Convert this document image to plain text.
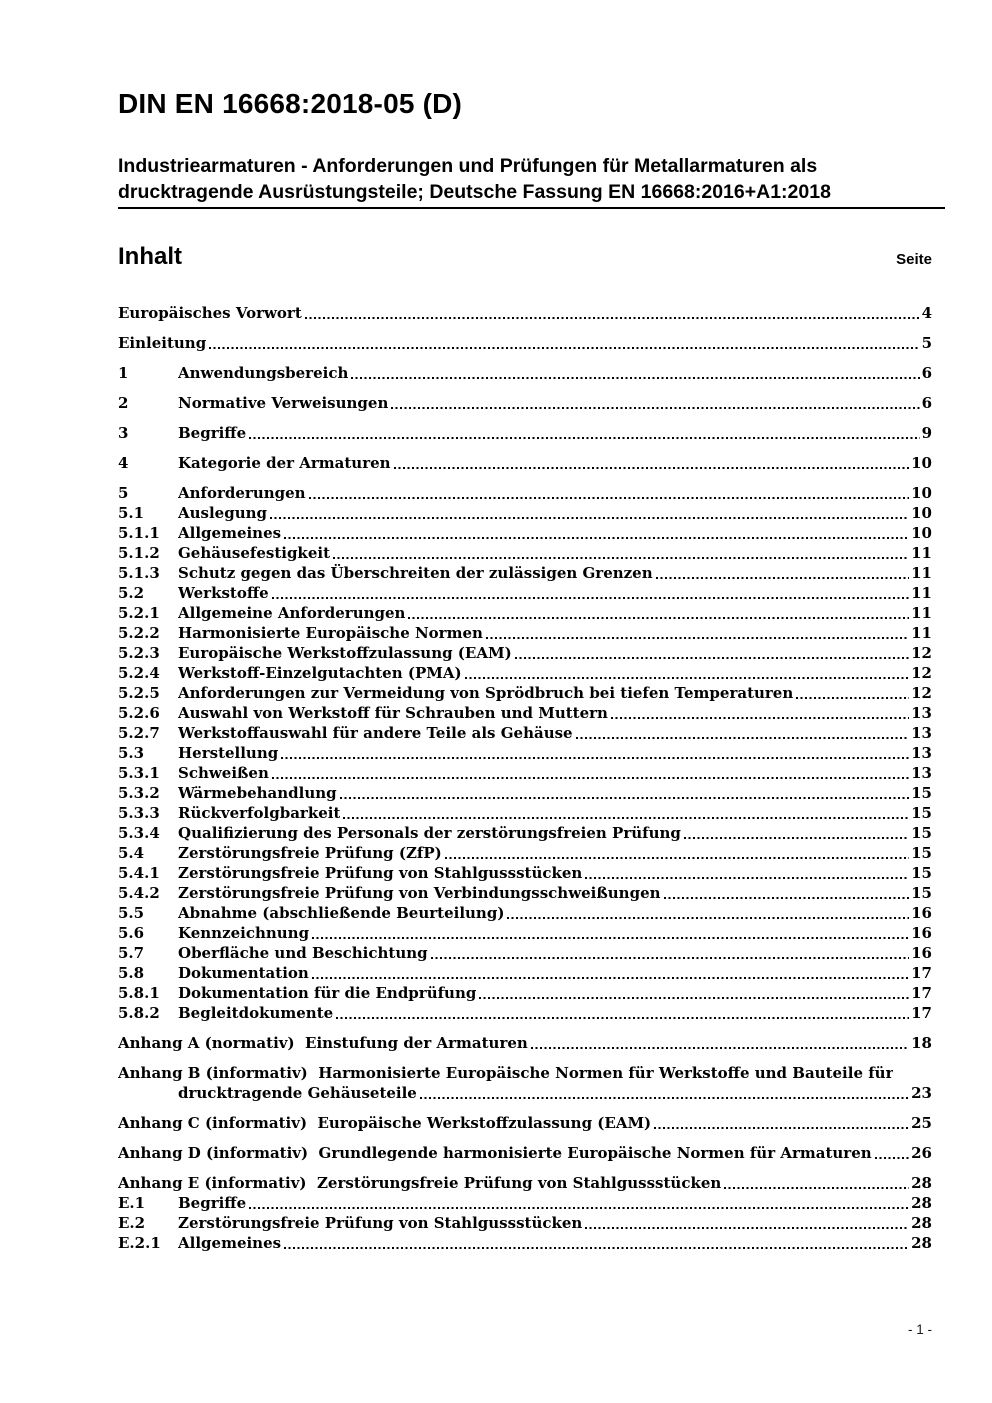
DIN EN 16668:2018-05 (D)
Industriearmaturen - Anforderungen und Prüfungen für Metallarmaturen als drucktragende Ausrüstungsteile; Deutsche Fassung EN 16668:2016+A1:2018
Inhalt	Seite
Europäisches Vorwort	4
Einleitung	5
1	Anwendungsbereich	6
2	Normative Verweisungen	6
3	Begriffe	9
4	Kategorie der Armaturen	10
5	Anforderungen	10
5.1	Auslegung	10
5.1.1	Allgemeines	10
5.1.2	Gehäusefestigkeit	11
5.1.3	Schutz gegen das Überschreiten der zulässigen Grenzen	11
5.2	Werkstoffe	11
5.2.1	Allgemeine Anforderungen	11
5.2.2	Harmonisierte Europäische Normen	11
5.2.3	Europäische Werkstoffzulassung (EAM)	12
5.2.4	Werkstoff-Einzelgutachten (PMA)	12
5.2.5	Anforderungen zur Vermeidung von Sprödbruch bei tiefen Temperaturen	12
5.2.6	Auswahl von Werkstoff für Schrauben und Muttern	13
5.2.7	Werkstoffauswahl für andere Teile als Gehäuse	13
5.3	Herstellung	13
5.3.1	Schweißen	13
5.3.2	Wärmebehandlung	15
5.3.3	Rückverfolgbarkeit	15
5.3.4	Qualifizierung des Personals der zerstörungsfreien Prüfung	15
5.4	Zerstörungsfreie Prüfung (ZfP)	15
5.4.1	Zerstörungsfreie Prüfung von Stahlgussstücken	15
5.4.2	Zerstörungsfreie Prüfung von Verbindungsschweißungen	15
5.5	Abnahme (abschließende Beurteilung)	16
5.6	Kennzeichnung	16
5.7	Oberfläche und Beschichtung	16
5.8	Dokumentation	17
5.8.1	Dokumentation für die Endprüfung	17
5.8.2	Begleitdokumente	17
Anhang A (normativ)  Einstufung der Armaturen	18
Anhang B (informativ)  Harmonisierte Europäische Normen für Werkstoffe und Bauteile für
drucktragende Gehäuseteile	23
Anhang C (informativ)  Europäische Werkstoffzulassung (EAM)	25
Anhang D (informativ)  Grundlegende harmonisierte Europäische Normen für Armaturen	26
Anhang E (informativ)  Zerstörungsfreie Prüfung von Stahlgussstücken	28
E.1	Begriffe	28
E.2	Zerstörungsfreie Prüfung von Stahlgussstücken	28
E.2.1	Allgemeines	28
- 1 -
